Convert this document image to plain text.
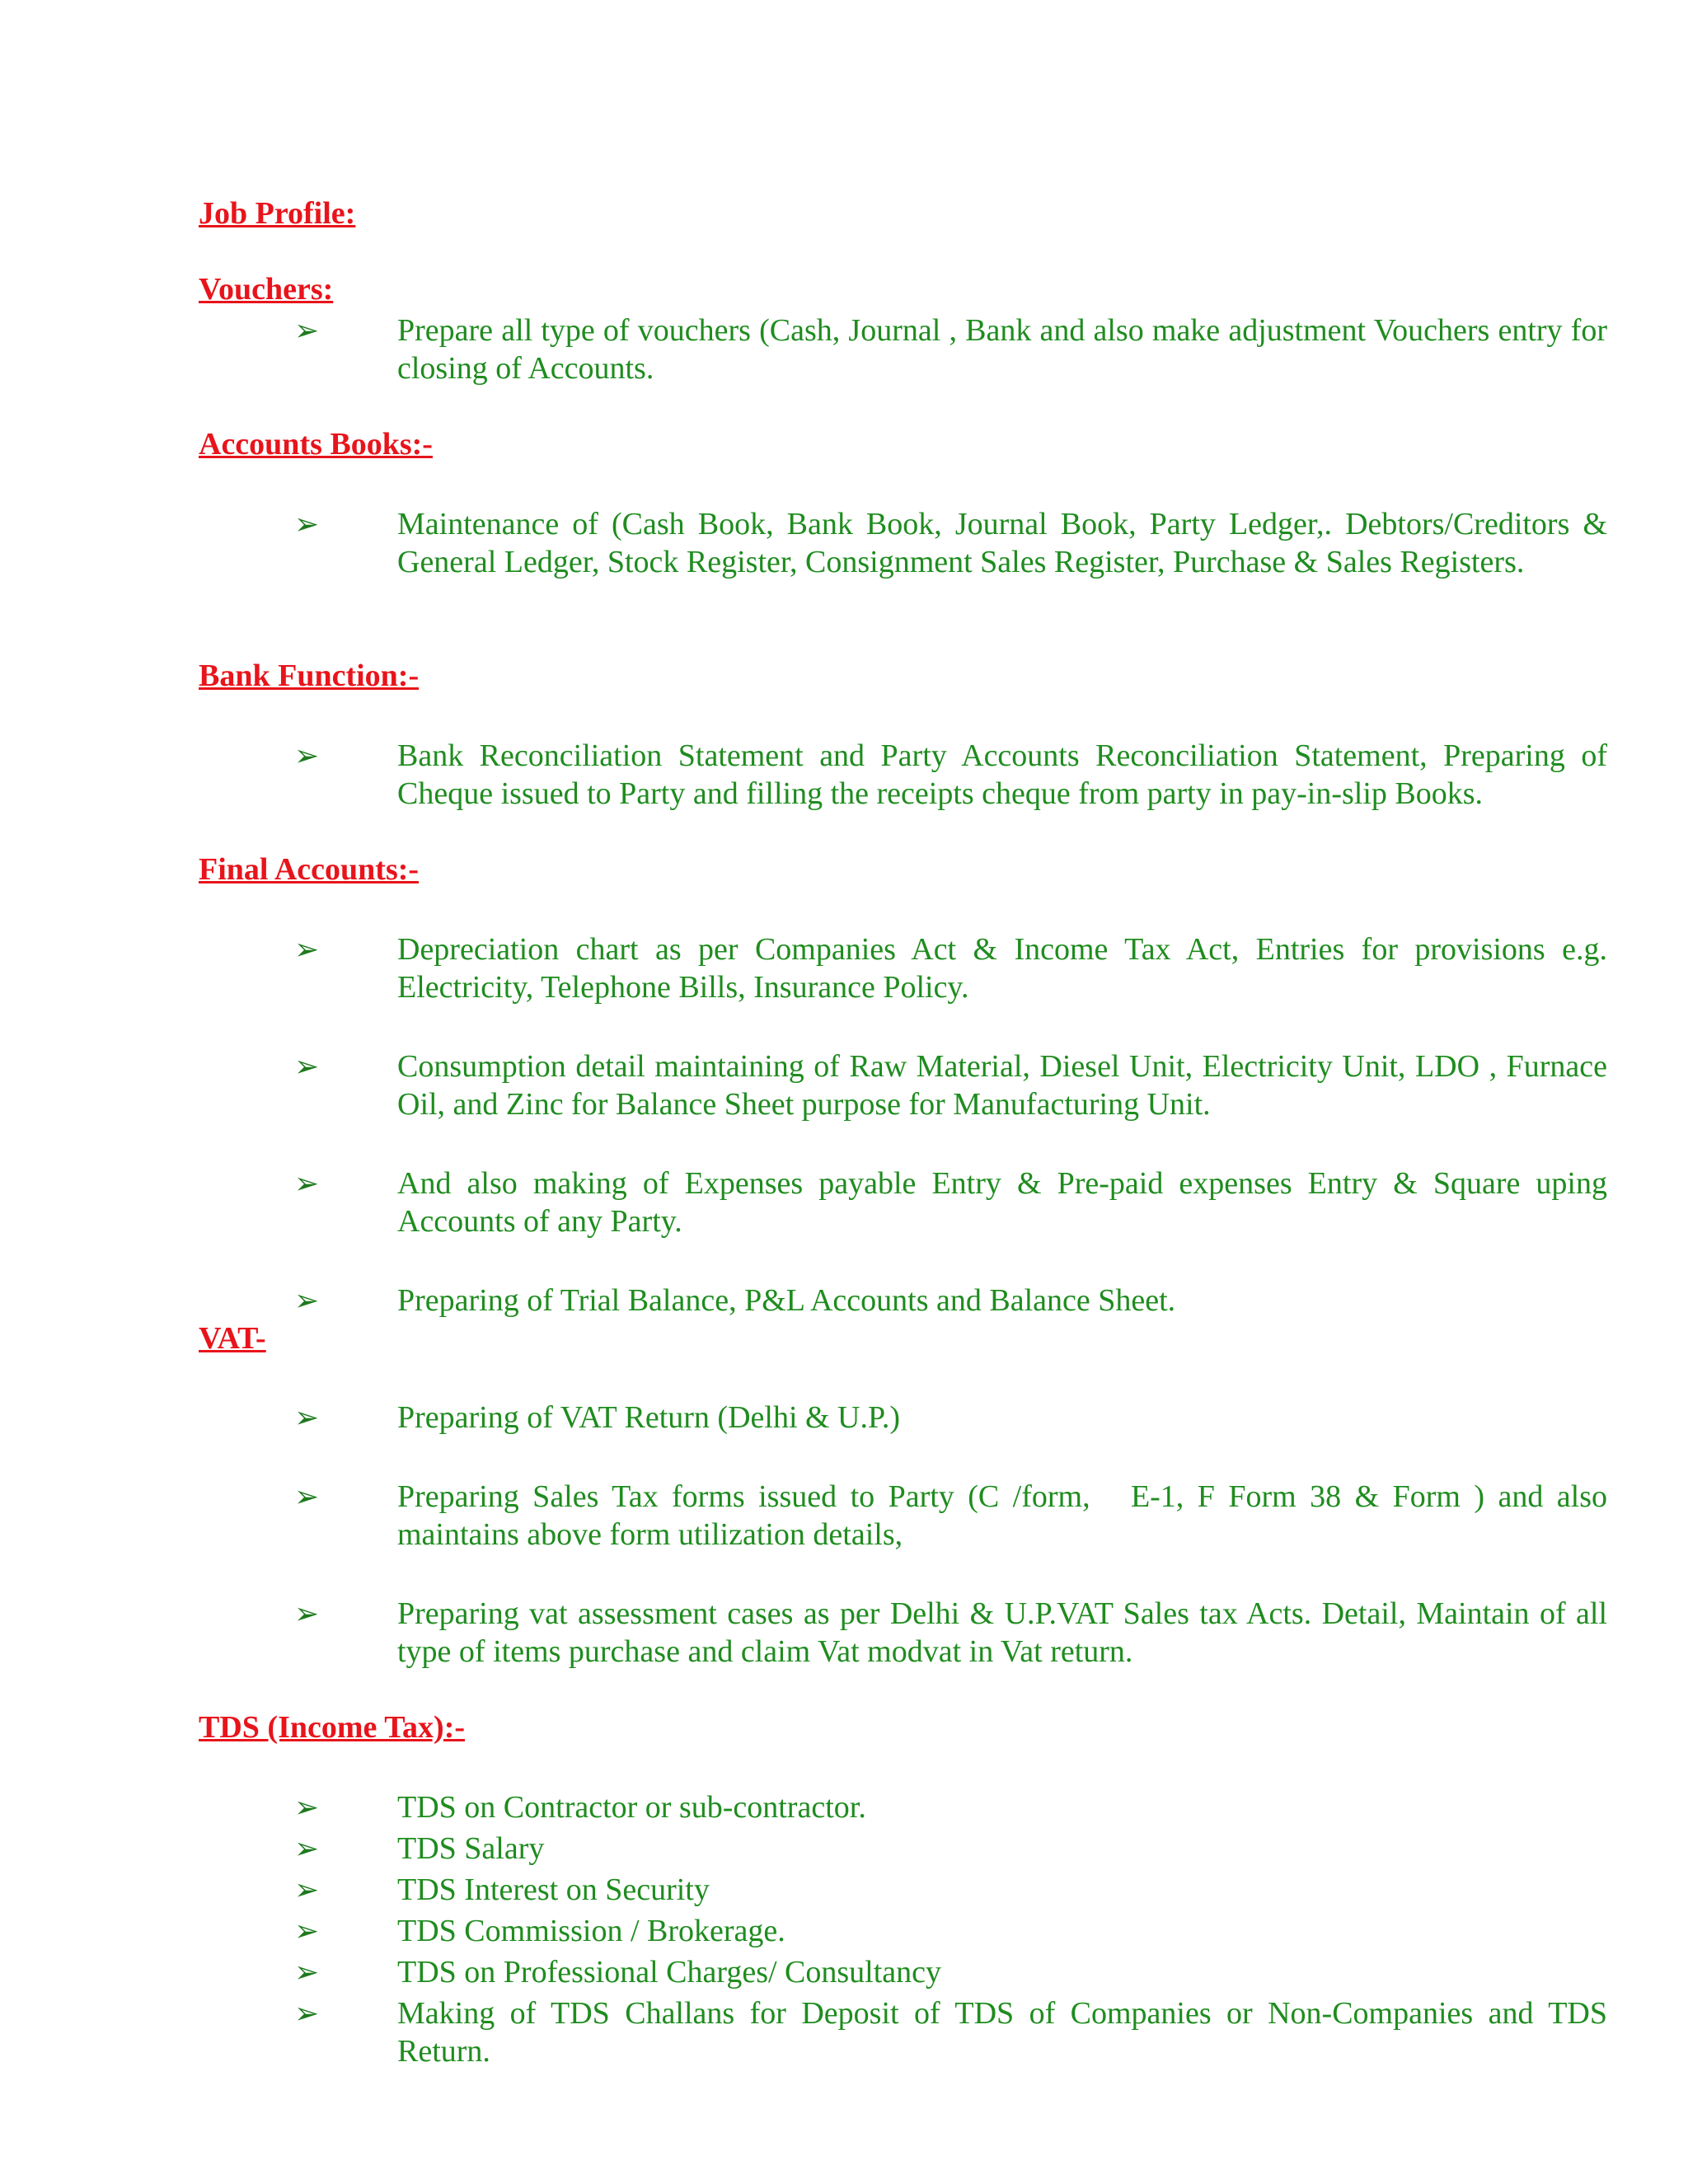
Job Profile:
Vouchers:
➢ Prepare all type of vouchers (Cash, Journal , Bank and also make adjustment Vouchers entry for closing of Accounts.
Accounts Books:-
➢ Maintenance of (Cash Book, Bank Book, Journal Book, Party Ledger,. Debtors/Creditors & General Ledger, Stock Register, Consignment Sales Register, Purchase & Sales Registers.
Bank Function:-
➢ Bank Reconciliation Statement and Party Accounts Reconciliation Statement, Preparing of Cheque issued to Party and filling the receipts cheque from party in pay-in-slip Books.
Final Accounts:-
➢ Depreciation chart as per Companies Act & Income Tax Act, Entries for provisions e.g. Electricity, Telephone Bills, Insurance Policy.
➢ Consumption detail maintaining of Raw Material, Diesel Unit, Electricity Unit, LDO , Furnace Oil, and Zinc for Balance Sheet purpose for Manufacturing Unit.
➢ And also making of Expenses payable Entry & Pre-paid expenses Entry & Square uping Accounts of any Party.
➢ Preparing of Trial Balance, P&L Accounts and Balance Sheet.
VAT-
➢ Preparing of VAT Return (Delhi & U.P.)
➢ Preparing Sales Tax forms issued to Party (C /form,   E-1, F Form 38 & Form ) and also maintains above form utilization details,
➢ Preparing vat assessment cases as per Delhi & U.P.VAT Sales tax Acts. Detail, Maintain of all type of items purchase and claim Vat modvat in Vat return.
TDS (Income Tax):-
➢ TDS on Contractor or sub-contractor.
➢ TDS Salary
➢ TDS Interest on Security
➢ TDS Commission / Brokerage.
➢ TDS on Professional Charges/ Consultancy
➢ Making of TDS Challans for Deposit of TDS of Companies or Non-Companies and TDS Return.
